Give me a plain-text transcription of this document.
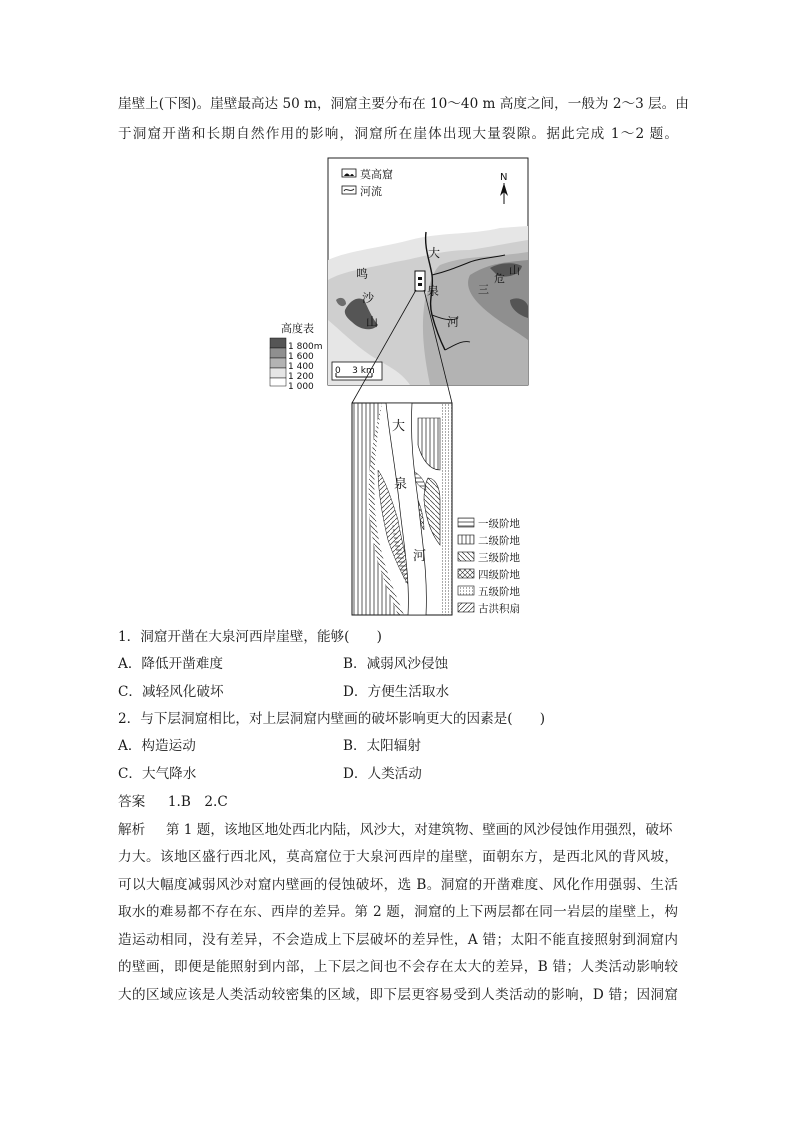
崖壁上(下图)。崖壁最高达 50 m，洞窟主要分布在 10～40 m 高度之间，一般为 2～3 层。由
于洞窟开凿和长期自然作用的影响，洞窟所在崖体出现大量裂隙。据此完成 1～2 题。
莫高窟
河流
N
大
泉
河
鸣
沙
山
三
危
山
0    3 km
高度表
1 800m
1 600
1 400
1 200
1 000
大
泉
河
一级阶地
二级阶地
三级阶地
四级阶地
五级阶地
古洪积扇
1．洞窟开凿在大泉河西岸崖壁，能够(　　)
A．降低开凿难度	B．减弱风沙侵蚀
C．减轻风化破坏	D．方便生活取水
2．与下层洞窟相比，对上层洞窟内壁画的破坏影响更大的因素是(　　)
A．构造运动	B．太阳辐射
C．大气降水	D．人类活动
答案 1.B　2.C
解析 第 1 题，该地区地处西北内陆，风沙大，对建筑物、壁画的风沙侵蚀作用强烈，破坏
力大。该地区盛行西北风，莫高窟位于大泉河西岸的崖壁，面朝东方，是西北风的背风坡，
可以大幅度减弱风沙对窟内壁画的侵蚀破坏，选 B。洞窟的开凿难度、风化作用强弱、生活
取水的难易都不存在东、西岸的差异。第 2 题，洞窟的上下两层都在同一岩层的崖壁上，构
造运动相同，没有差异，不会造成上下层破坏的差异性，A 错；太阳不能直接照射到洞窟内
的壁画，即便是能照射到内部，上下层之间也不会存在太大的差异，B 错；人类活动影响较
大的区域应该是人类活动较密集的区域，即下层更容易受到人类活动的影响，D 错；因洞窟
